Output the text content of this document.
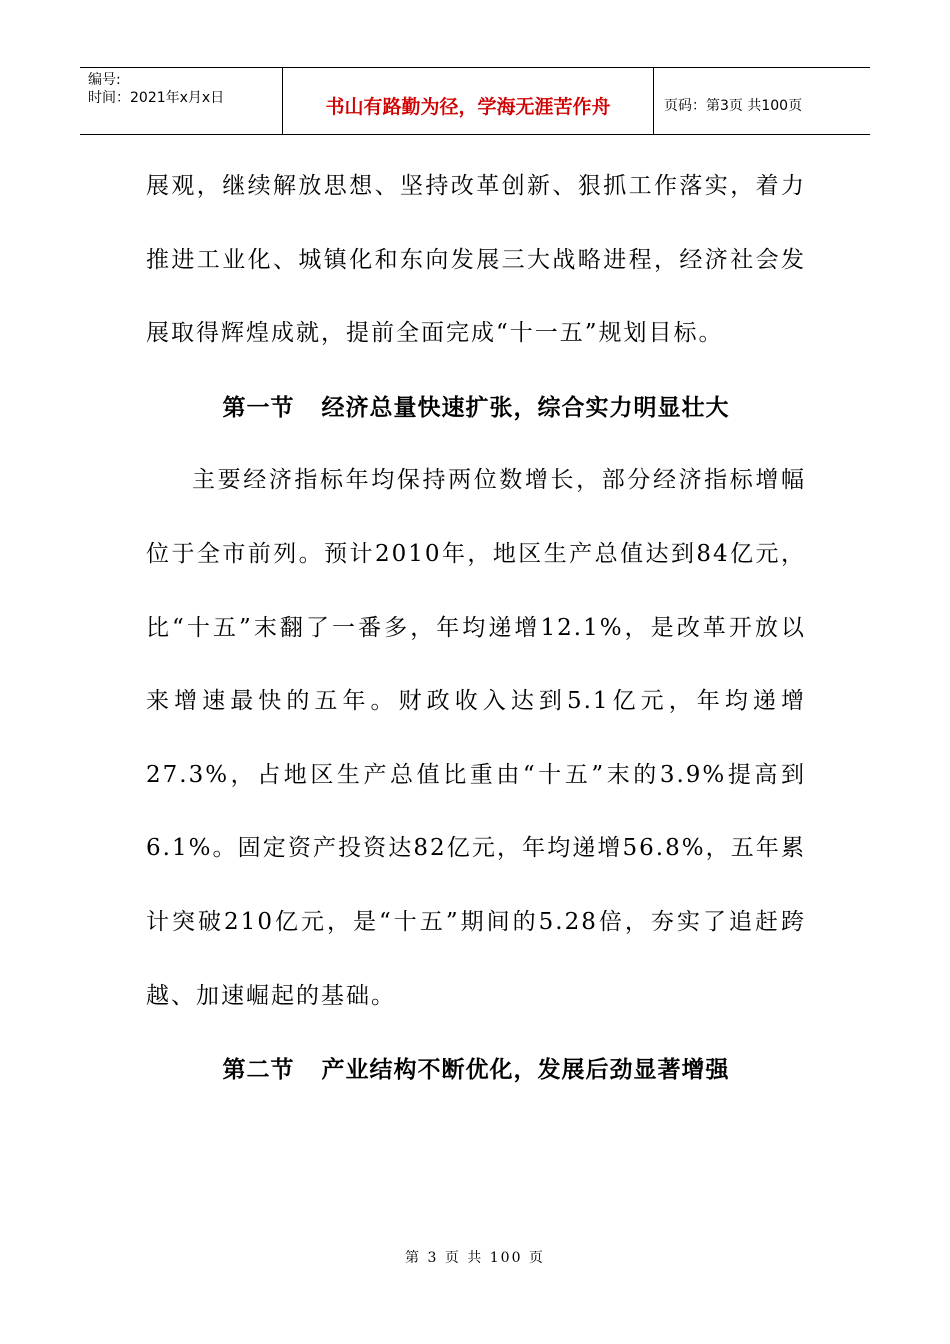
编号:
时间：2021年x月x日	书山有路勤为径，学海无涯苦作舟	页码：第3页 共100页

展观，继续解放思想、坚持改革创新、狠抓工作落实，着力推进工业化、城镇化和东向发展三大战略进程，经济社会发展取得辉煌成就，提前全面完成“十一五”规划目标。

第一节   经济总量快速扩张，综合实力明显壮大

主要经济指标年均保持两位数增长，部分经济指标增幅位于全市前列。预计2010年，地区生产总值达到84亿元，比“十五”末翻了一番多，年均递增12.1%，是改革开放以来增速最快的五年。财政收入达到5.1亿元，年均递增27.3%，占地区生产总值比重由“十五”末的3.9%提高到6.1%。固定资产投资达82亿元，年均递增56.8%，五年累计突破210亿元，是“十五”期间的5.28倍，夯实了追赶跨越、加速崛起的基础。

第二节   产业结构不断优化，发展后劲显著增强
第 3 页 共 100 页
